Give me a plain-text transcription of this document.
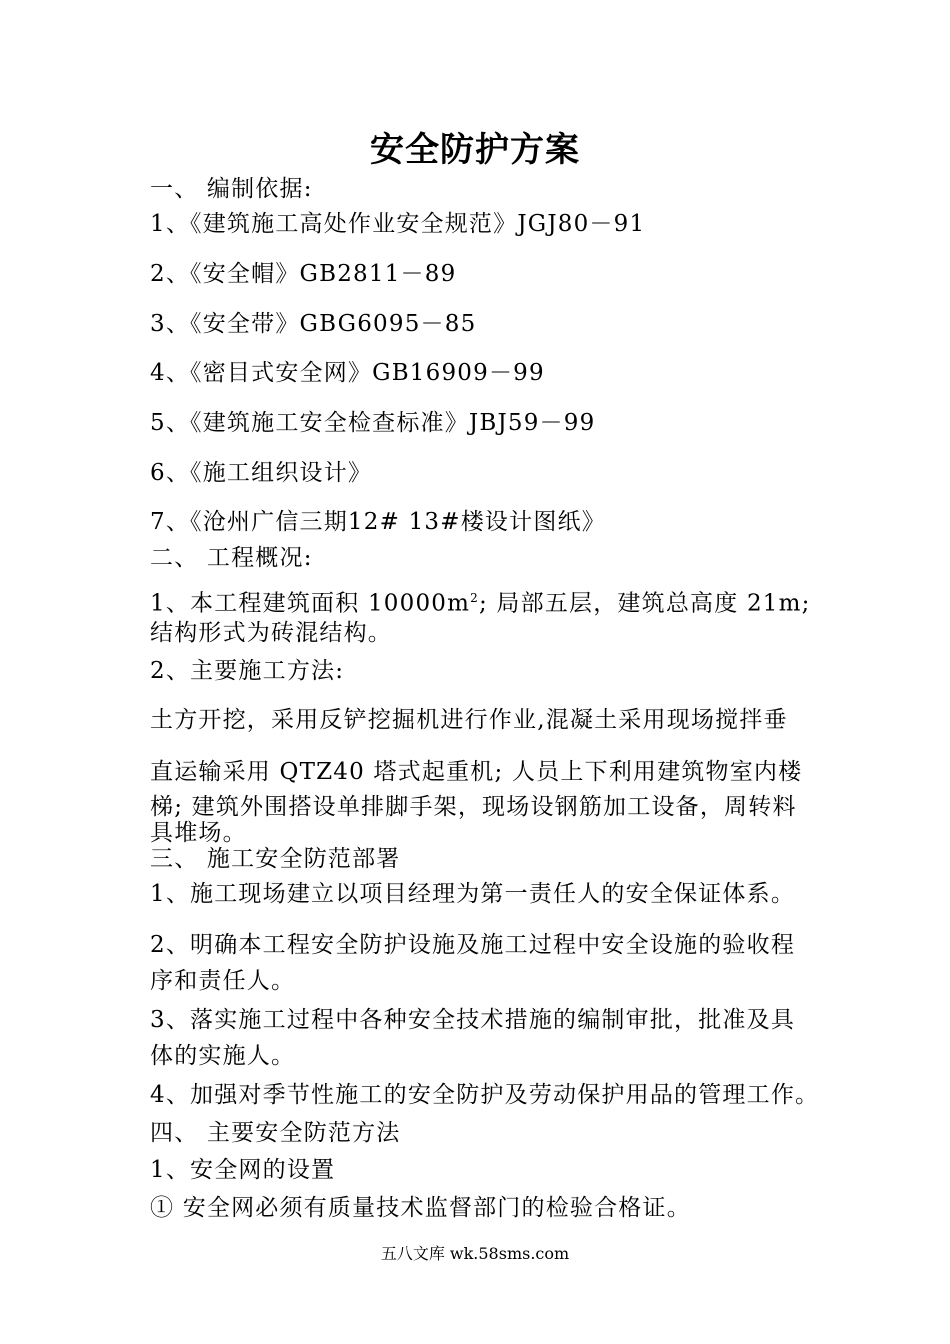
安全防护方案
一、 编制依据:
1、《建筑施工高处作业安全规范》JGJ80－91
2、《安全帽》GB2811－89
3、《安全带》GBG6095－85
4、《密目式安全网》GB16909－99
5、《建筑施工安全检查标准》JBJ59－99
6、《施工组织设计》
7、《沧州广信三期12# 13#楼设计图纸》
二、 工程概况:
1、本工程建筑面积 $10000m^2$; 局部五层，建筑总高度 21m;
结构形式为砖混结构。
2、主要施工方法:
土方开挖，采用反铲挖掘机进行作业,混凝土采用现场搅拌垂
直运输采用 QTZ40 塔式起重机; 人员上下利用建筑物室内楼
梯; 建筑外围搭设单排脚手架，现场设钢筋加工设备，周转料
具堆场。
三、 施工安全防范部署
1、施工现场建立以项目经理为第一责任人的安全保证体系。
2、明确本工程安全防护设施及施工过程中安全设施的验收程
序和责任人。
3、落实施工过程中各种安全技术措施的编制审批，批准及具
体的实施人。
4、加强对季节性施工的安全防护及劳动保护用品的管理工作。
四、 主要安全防范方法
1、安全网的设置
① 安全网必须有质量技术监督部门的检验合格证。
五八文库 wk.58sms.com
